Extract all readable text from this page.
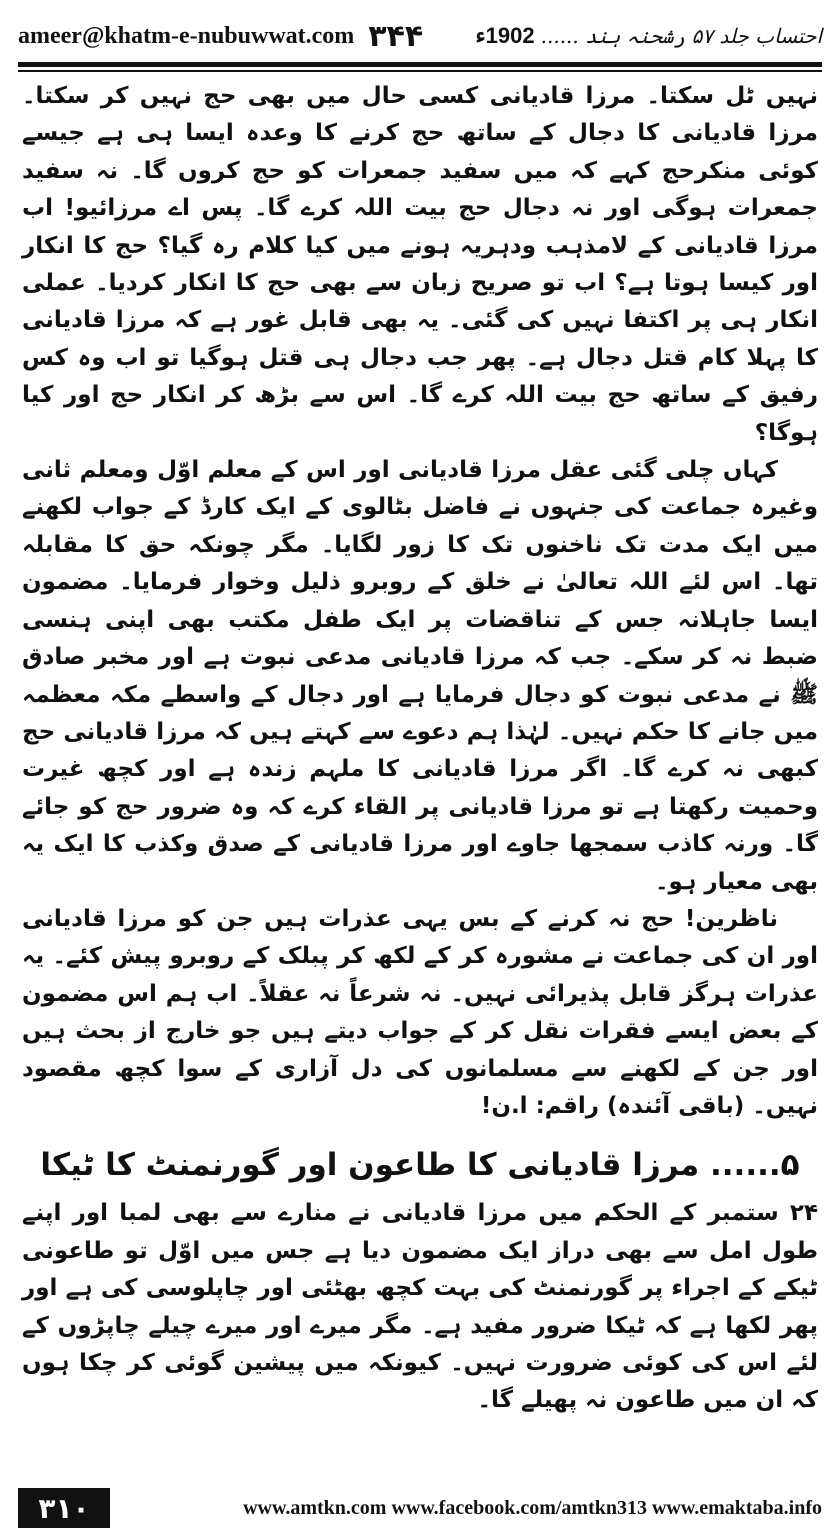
ameer@khatm-e-nubuwwat.com ۳۴۴	احتساب جلد ۵۷ رشحنہ ہند ......
1902ء

نہیں ٹل سکتا۔ مرزا قادیانی کسی حال میں بھی حج نہیں کر سکتا۔ مرزا قادیانی کا دجال کے ساتھ حج کرنے کا وعدہ ایسا ہی ہے جیسے کوئی منکرحج کہے کہ میں سفید جمعرات کو حج کروں گا۔ نہ سفید جمعرات ہوگی اور نہ دجال حج بیت اللہ کرے گا۔ پس اے مرزائیو! اب مرزا قادیانی کے لامذہب ودہریہ ہونے میں کیا کلام رہ گیا؟ حج کا انکار اور کیسا ہوتا ہے؟ اب تو صریح زبان سے بھی حج کا انکار کردیا۔ عملی انکار ہی پر اکتفا نہیں کی گئی۔ یہ بھی قابل غور ہے کہ مرزا قادیانی کا پہلا کام قتل دجال ہے۔ پھر جب دجال ہی قتل ہوگیا تو اب وہ کس رفیق کے ساتھ حج بیت اللہ کرے گا۔ اس سے بڑھ کر انکار حج اور کیا ہوگا؟

کہاں چلی گئی عقل مرزا قادیانی اور اس کے معلم اوّل ومعلم ثانی وغیرہ جماعت کی جنہوں نے فاضل بٹالوی کے ایک کارڈ کے جواب لکھنے میں ایک مدت تک ناخنوں تک کا زور لگایا۔ مگر چونکہ حق کا مقابلہ تھا۔ اس لئے اللہ تعالیٰ نے خلق کے روبرو ذلیل وخوار فرمایا۔ مضمون ایسا جاہلانہ جس کے تناقضات پر ایک طفل مکتب بھی اپنی ہنسی ضبط نہ کر سکے۔ جب کہ مرزا قادیانی مدعی نبوت ہے اور مخبر صادق ﷺ نے مدعی نبوت کو دجال فرمایا ہے اور دجال کے واسطے مکہ معظمہ میں جانے کا حکم نہیں۔ لہٰذا ہم دعوے سے کہتے ہیں کہ مرزا قادیانی حج کبھی نہ کرے گا۔ اگر مرزا قادیانی کا ملہم زندہ ہے اور کچھ غیرت وحمیت رکھتا ہے تو مرزا قادیانی پر القاء کرے کہ وہ ضرور حج کو جائے گا۔ ورنہ کاذب سمجھا جاوے اور مرزا قادیانی کے صدق وکذب کا ایک یہ بھی معیار ہو۔

ناظرین! حج نہ کرنے کے بس یہی عذرات ہیں جن کو مرزا قادیانی اور ان کی جماعت نے مشورہ کر کے لکھ کر پبلک کے روبرو پیش کئے۔ یہ عذرات ہرگز قابل پذیرائی نہیں۔ نہ شرعاً نہ عقلاً۔ اب ہم اس مضمون کے بعض ایسے فقرات نقل کر کے جواب دیتے ہیں جو خارج از بحث ہیں اور جن کے لکھنے سے مسلمانوں کی دل آزاری کے سوا کچھ مقصود نہیں۔ (باقی آئندہ) راقم: ا.ن!

۵...... مرزا قادیانی کا طاعون اور گورنمنٹ کا ٹیکا

۲۴ ستمبر کے الحکم میں مرزا قادیانی نے منارے سے بھی لمبا اور اپنے طول امل سے بھی دراز ایک مضمون دیا ہے جس میں اوّل تو طاعونی ٹیکے کے اجراء پر گورنمنٹ کی بہت کچھ بھٹئی اور چاپلوسی کی ہے اور پھر لکھا ہے کہ ٹیکا ضرور مفید ہے۔ مگر میرے اور میرے چیلے چاپڑوں کے لئے اس کی کوئی ضرورت نہیں۔ کیونکہ میں پیشین گوئی کر چکا ہوں کہ ان میں طاعون نہ پھیلے گا۔

۳۱۰	www.amtkn.com www.facebook.com/amtkn313 www.emaktaba.info
